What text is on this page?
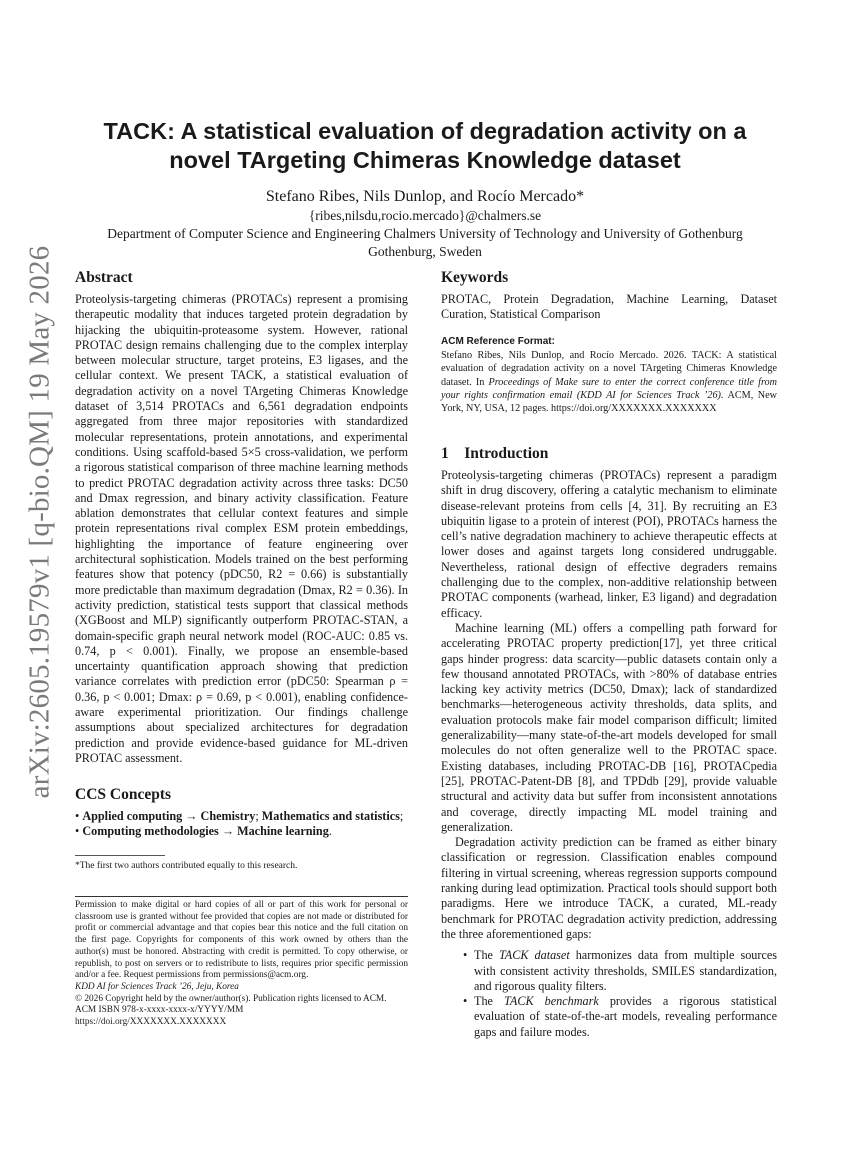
arXiv:2605.19579v1 [q-bio.QM] 19 May 2026
TACK: A statistical evaluation of degradation activity on a
novel TArgeting Chimeras Knowledge dataset
Stefano Ribes, Nils Dunlop, and Rocío Mercado*
{ribes,nilsdu,rocio.mercado}@chalmers.se
Department of Computer Science and Engineering Chalmers University of Technology and University of Gothenburg
Gothenburg, Sweden
Abstract

Proteolysis-targeting chimeras (PROTACs) represent a promising therapeutic modality that induces targeted protein degradation by hijacking the ubiquitin-proteasome system. However, rational PROTAC design remains challenging due to the complex interplay between molecular structure, target proteins, E3 ligases, and the cellular context. We present TACK, a statistical evaluation of degradation activity on a novel TArgeting Chimeras Knowledge dataset of 3,514 PROTACs and 6,561 degradation endpoints aggregated from three major repositories with standardized molecular representations, protein annotations, and experimental conditions. Using scaffold-based 5×5 cross-validation, we perform a rigorous statistical comparison of three machine learning methods to predict PROTAC degradation activity across three tasks: DC50 and Dmax regression, and binary activity classification. Feature ablation demonstrates that cellular context features and simple protein representations rival complex ESM protein embeddings, highlighting the importance of feature engineering over architectural sophistication. Models trained on the best performing features show that potency (pDC50, R2 = 0.66) is substantially more predictable than maximum degradation (Dmax, R2 = 0.36). In activity prediction, statistical tests support that classical methods (XGBoost and MLP) significantly outperform PROTAC-STAN, a domain-specific graph neural network model (ROC-AUC: 0.85 vs. 0.74, p < 0.001). Finally, we propose an ensemble-based uncertainty quantification approach showing that prediction variance correlates with prediction error (pDC50: Spearman ρ = 0.36, p < 0.001; Dmax: ρ = 0.69, p < 0.001), enabling confidence-aware experimental prioritization. Our findings challenge assumptions about specialized architectures for degradation prediction and provide evidence-based guidance for ML-driven PROTAC assessment.

CCS Concepts

• Applied computing → Chemistry; Mathematics and statistics; • Computing methodologies → Machine learning.

*The first two authors contributed equally to this research.

Permission to make digital or hard copies of all or part of this work for personal or classroom use is granted without fee provided that copies are not made or distributed for profit or commercial advantage and that copies bear this notice and the full citation on the first page. Copyrights for components of this work owned by others than the author(s) must be honored. Abstracting with credit is permitted. To copy otherwise, or republish, to post on servers or to redistribute to lists, requires prior specific permission and/or a fee. Request permissions from permissions@acm.org.

KDD AI for Sciences Track ’26, Jeju, Korea

© 2026 Copyright held by the owner/author(s). Publication rights licensed to ACM.

ACM ISBN 978-x-xxxx-xxxx-x/YYYY/MM

https://doi.org/XXXXXXX.XXXXXXX

Keywords

PROTAC, Protein Degradation, Machine Learning, Dataset Curation, Statistical Comparison

ACM Reference Format:

Stefano Ribes, Nils Dunlop, and Rocío Mercado. 2026. TACK: A statistical evaluation of degradation activity on a novel TArgeting Chimeras Knowledge dataset. In Proceedings of Make sure to enter the correct conference title from your rights confirmation email (KDD AI for Sciences Track ’26). ACM, New York, NY, USA, 12 pages. https://doi.org/XXXXXXX.XXXXXXX

1    Introduction

Proteolysis-targeting chimeras (PROTACs) represent a paradigm shift in drug discovery, offering a catalytic mechanism to eliminate disease-relevant proteins from cells [4, 31]. By recruiting an E3 ubiquitin ligase to a protein of interest (POI), PROTACs harness the cell’s native degradation machinery to achieve therapeutic effects at lower doses and against targets long considered undruggable. Nevertheless, rational design of effective degraders remains challenging due to the complex, non-additive relationship between PROTAC components (warhead, linker, E3 ligand) and degradation efficacy.

Machine learning (ML) offers a compelling path forward for accelerating PROTAC property prediction[17], yet three critical gaps hinder progress: data scarcity—public datasets contain only a few thousand annotated PROTACs, with >80% of database entries lacking key activity metrics (DC50, Dmax); lack of standardized benchmarks—heterogeneous activity thresholds, data splits, and evaluation protocols make fair model comparison difficult; limited generalizability—many state-of-the-art models developed for small molecules do not often generalize well to the PROTAC space. Existing databases, including PROTAC-DB [16], PROTACpedia [25], PROTAC-Patent-DB [8], and TPDdb [29], provide valuable structural and activity data but suffer from inconsistent annotations and coverage, directly impacting ML model training and generalization.

Degradation activity prediction can be framed as either binary classification or regression. Classification enables compound filtering in virtual screening, whereas regression supports compound ranking during lead optimization. Practical tools should support both paradigms. Here we introduce TACK, a curated, ML-ready benchmark for PROTAC degradation activity prediction, addressing the three aforementioned gaps:

• The TACK dataset harmonizes data from multiple sources with consistent activity thresholds, SMILES standardization, and rigorous quality filters.
• The TACK benchmark provides a rigorous statistical evaluation of state-of-the-art models, revealing performance gaps and failure modes.
